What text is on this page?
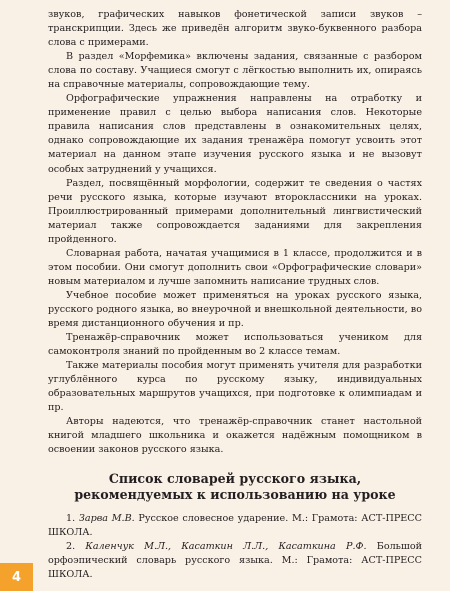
звуков, графических навыков фонетической записи звуков – транскрипции. Здесь же приведён алгоритм звуко-буквенного разбора слова с примерами.

В раздел «Морфемика» включены задания, связанные с разбором слова по составу. Учащиеся смогут с лёгкостью выполнить их, опираясь на справочные материалы, сопровождающие тему.

Орфографические упражнения направлены на отработку и применение правил с целью выбора написания слов. Некоторые правила написания слов представлены в ознакомительных целях, однако сопровождающие их задания тренажёра помогут усвоить этот материал на данном этапе изучения русского языка и не вызовут особых затруднений у учащихся.

Раздел, посвящённый морфологии, содержит те сведения о частях речи русского языка, которые изучают второклассники на уроках. Проиллюстрированный примерами дополнительный лингвистический материал также сопровождается заданиями для закрепления пройденного.

Словарная работа, начатая учащимися в 1 классе, продолжится и в этом пособии. Они смогут дополнить свои «Орфографические словари» новым материалом и лучше запомнить написание трудных слов.

Учебное пособие может применяться на уроках русского языка, русского родного языка, во внеурочной и внешкольной деятельности, во время дистанционного обучения и пр.

Тренажёр-справочник может использоваться учеником для самоконтроля знаний по пройденным во 2 классе темам.

Также материалы пособия могут применять учителя для разработки углублённого курса по русскому языку, индивидуальных образовательных маршрутов учащихся, при подготовке к олимпиадам и пр.

Авторы надеются, что тренажёр-справочник станет настольной книгой младшего школьника и окажется надёжным помощником в освоении законов русского языка.

Список словарей русского языка,
рекомендуемых к использованию на уроке

1. Зарва М.В. Русское словесное ударение. М.: Грамота: АСТ-ПРЕСС ШКОЛА.

2. Каленчук М.Л., Касаткин Л.Л., Касаткина Р.Ф. Большой орфоэпический словарь русского языка. М.: Грамота: АСТ-ПРЕСС ШКОЛА.

4
